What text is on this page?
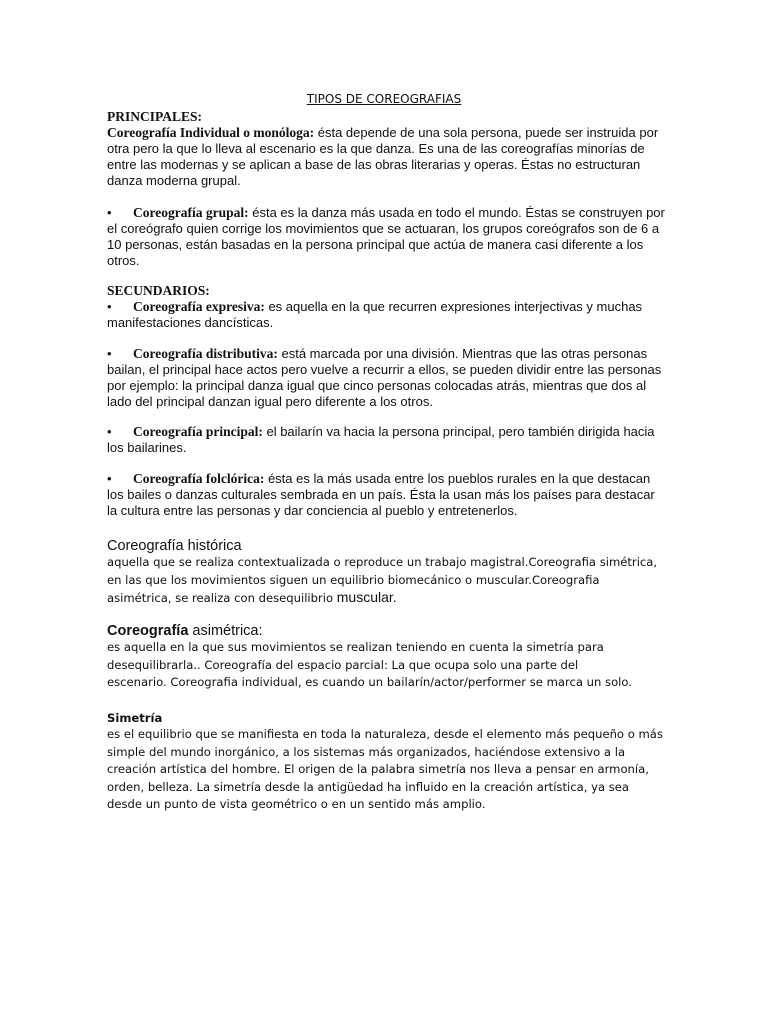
TIPOS DE COREOGRAFIAS

PRINCIPALES:
Coreografía Individual o monóloga: ésta depende de una sola persona, puede ser instruida por otra pero la que lo lleva al escenario es la que danza. Es una de las coreografías minorías de entre las modernas y se aplican a base de las obras literarias y operas. Éstas no estructuran danza moderna grupal.
• Coreografía grupal: ésta es la danza más usada en todo el mundo. Éstas se construyen por el coreógrafo quien corrige los movimientos que se actuaran, los grupos coreógrafos son de 6 a 10 personas, están basadas en la persona principal que actúa de manera casi diferente a los otros.
SECUNDARIOS:
• Coreografía expresiva: es aquella en la que recurren expresiones interjectivas y muchas manifestaciones dancísticas.
• Coreografía distributiva: está marcada por una división. Mientras que las otras personas bailan, el principal hace actos pero vuelve a recurrir a ellos, se pueden dividir entre las personas por ejemplo: la principal danza igual que cinco personas colocadas atrás, mientras que dos al lado del principal danzan igual pero diferente a los otros.
• Coreografía principal: el bailarín va hacia la persona principal, pero también dirigida hacia los bailarines.
• Coreografía folclórica: ésta es la más usada entre los pueblos rurales en la que destacan los bailes o danzas culturales sembrada en un país. Ésta la usan más los países para destacar la cultura entre las personas y dar conciencia al pueblo y entretenerlos.
Coreografía histórica
aquella que se realiza contextualizada o reproduce un trabajo magistral.Coreografia simétrica, en las que los movimientos siguen un equilibrio biomecánico o muscular.Coreografia asimétrica, se realiza con desequilibrio muscular.
Coreografía asimétrica:
es aquella en la que sus movimientos se realizan teniendo en cuenta la simetría para
desequilibrarla.. Coreografía del espacio parcial: La que ocupa solo una parte del
escenario. Coreografia individual, es cuando un bailarín/actor/performer se marca un solo.
Simetría
es el equilibrio que se manifiesta en toda la naturaleza, desde el elemento más pequeño o más simple del mundo inorgánico, a los sistemas más organizados, haciéndose extensivo a la creación artística del hombre. El origen de la palabra simetría nos lleva a pensar en armonía, orden, belleza. La simetría desde la antigüedad ha influido en la creación artística, ya sea desde un punto de vista geométrico o en un sentido más amplio.
